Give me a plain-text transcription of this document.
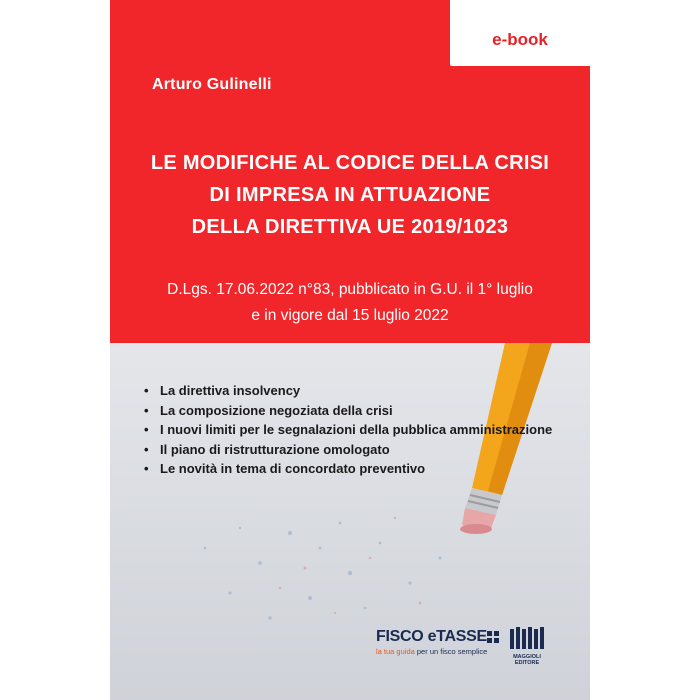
e-book
Arturo Gulinelli
LE MODIFICHE AL CODICE DELLA CRISI
DI IMPRESA IN ATTUAZIONE
DELLA DIRETTIVA UE 2019/1023
D.Lgs. 17.06.2022 n°83, pubblicato in G.U. il 1° luglio
e in vigore dal 15 luglio 2022
• La direttiva insolvency
• La composizione negoziata della crisi
• I nuovi limiti per le segnalazioni della pubblica amministrazione
• Il piano di ristrutturazione omologato
• Le novità in tema di concordato preventivo
FISCO eTASSE
la tua guida per un fisco semplice
MAGGIOLI
EDITORE
